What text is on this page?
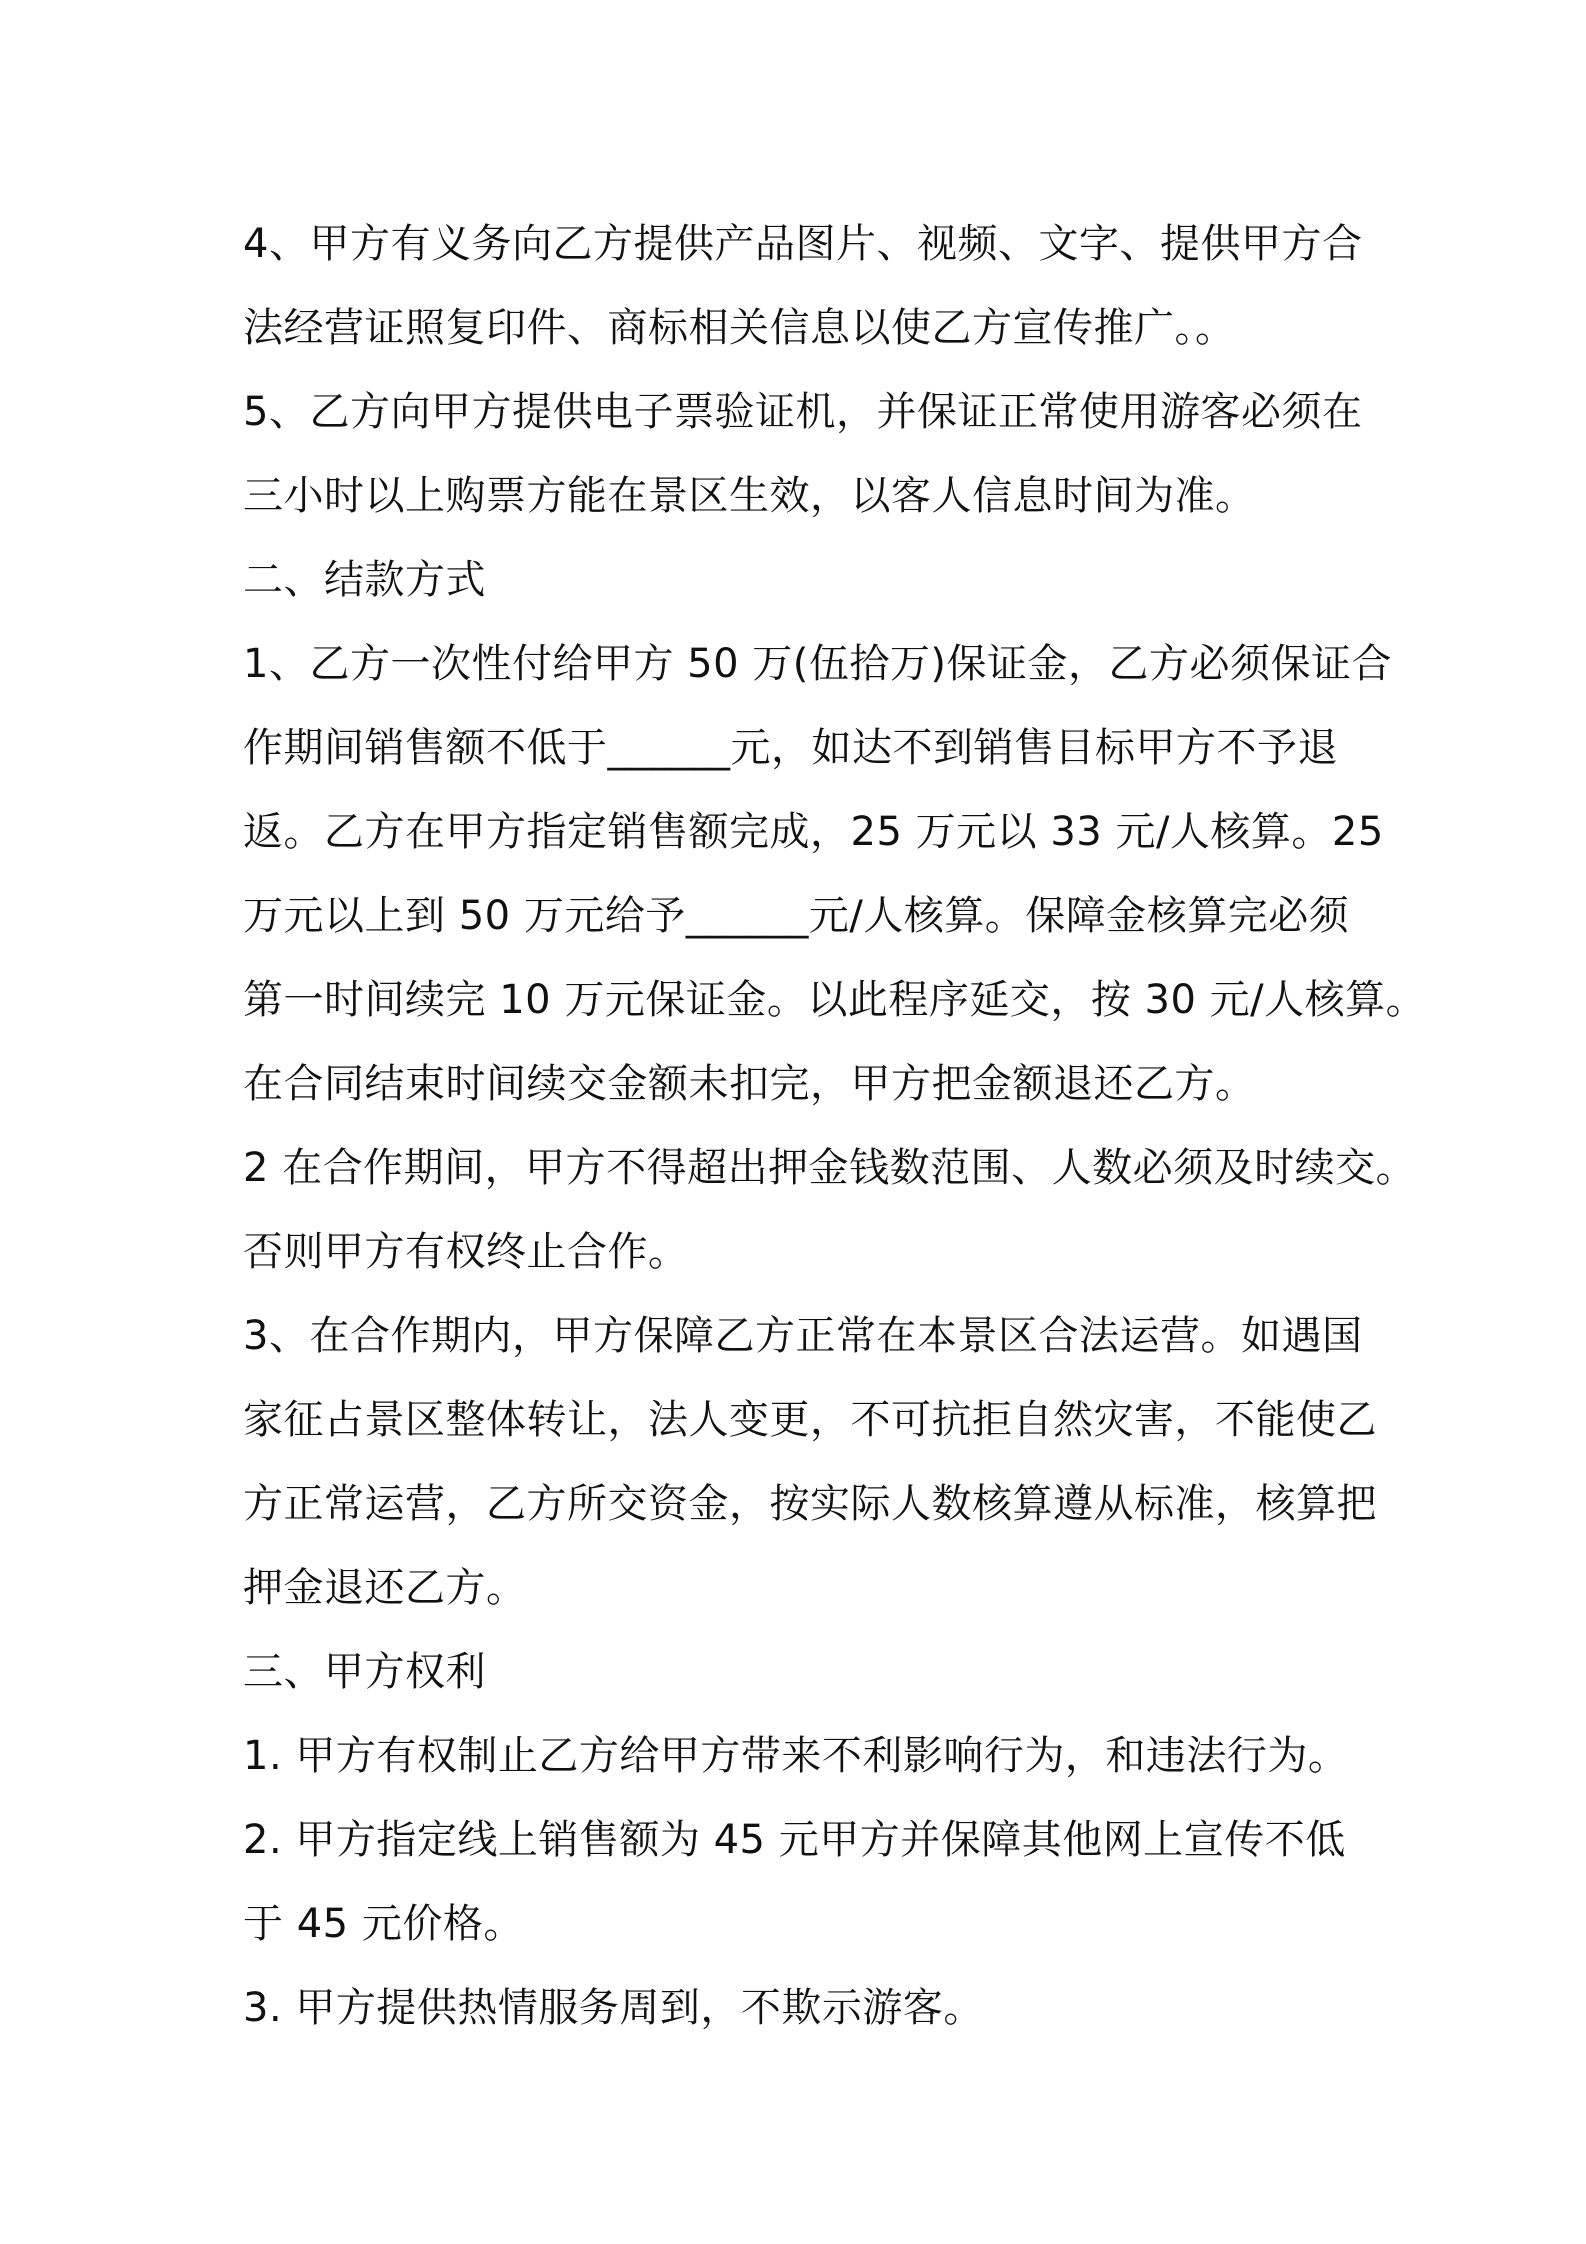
4、甲方有义务向乙方提供产品图片、视频、文字、提供甲方合
法经营证照复印件、商标相关信息以使乙方宣传推广。。
5、乙方向甲方提供电子票验证机，并保证正常使用游客必须在
三小时以上购票方能在景区生效，以客人信息时间为准。
二、结款方式
1、乙方一次性付给甲方 50 万(伍拾万)保证金，乙方必须保证合
作期间销售额不低于______元，如达不到销售目标甲方不予退
返。乙方在甲方指定销售额完成，25 万元以 33 元/人核算。25
万元以上到 50 万元给予______元/人核算。保障金核算完必须
第一时间续完 10 万元保证金。以此程序延交，按 30 元/人核算。
在合同结束时间续交金额未扣完，甲方把金额退还乙方。
2 在合作期间，甲方不得超出押金钱数范围、人数必须及时续交。
否则甲方有权终止合作。
3、在合作期内，甲方保障乙方正常在本景区合法运营。如遇国
家征占景区整体转让，法人变更，不可抗拒自然灾害，不能使乙
方正常运营，乙方所交资金，按实际人数核算遵从标准，核算把
押金退还乙方。
三、甲方权利
1. 甲方有权制止乙方给甲方带来不利影响行为，和违法行为。
2. 甲方指定线上销售额为 45 元甲方并保障其他网上宣传不低
于 45 元价格。
3. 甲方提供热情服务周到，不欺示游客。
